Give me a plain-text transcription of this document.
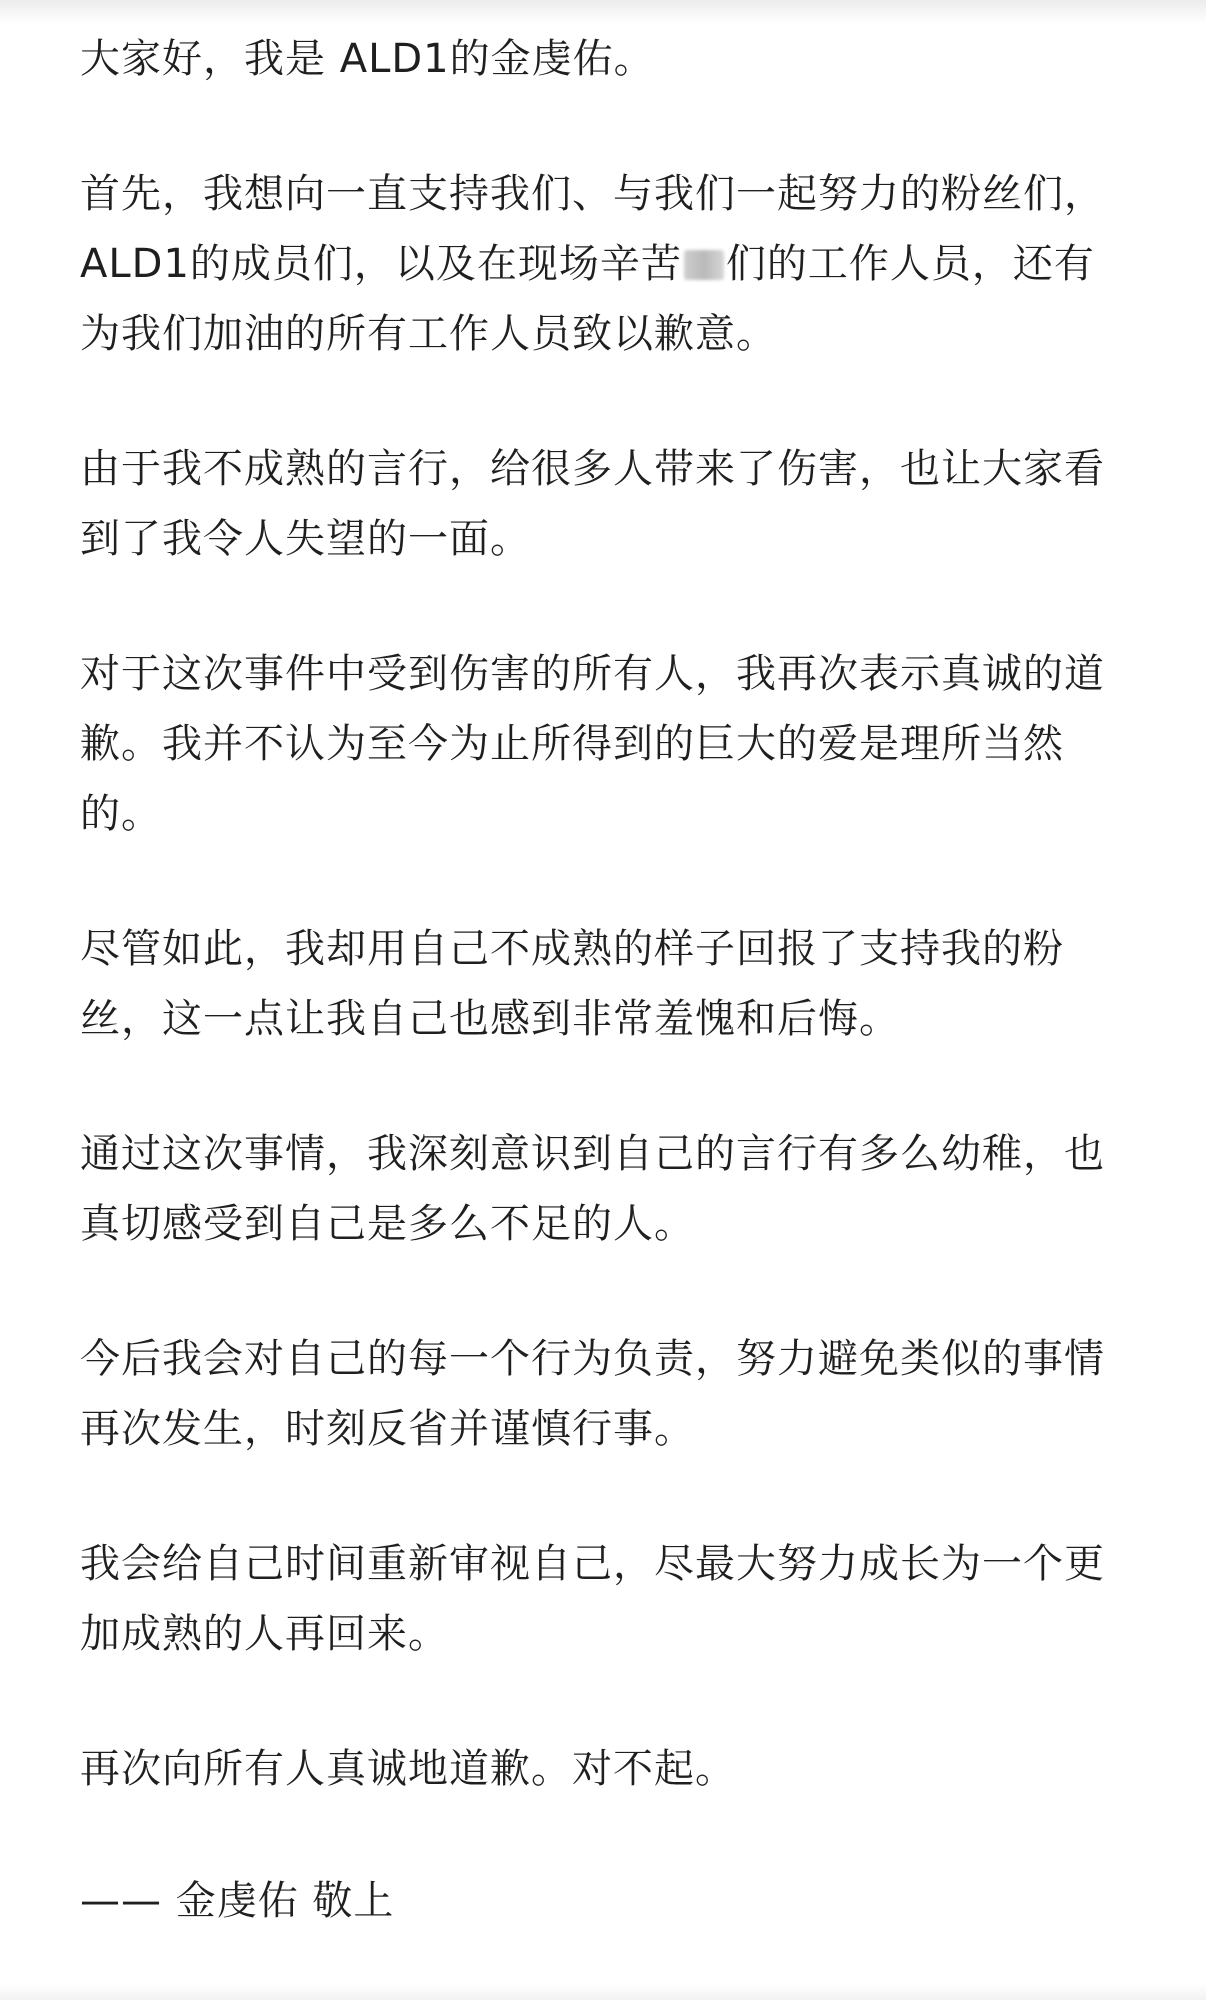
大家好，我是 ALD1的金虔佑。

首先，我想向一直支持我们、与我们一起努力的粉丝们，
ALD1的成员们，以及在现场辛苦 们的工作人员，还有
为我们加油的所有工作人员致以歉意。

由于我不成熟的言行，给很多人带来了伤害，也让大家看
到了我令人失望的一面。

对于这次事件中受到伤害的所有人，我再次表示真诚的道
歉。我并不认为至今为止所得到的巨大的爱是理所当然
的。

尽管如此，我却用自己不成熟的样子回报了支持我的粉
丝，这一点让我自己也感到非常羞愧和后悔。

通过这次事情，我深刻意识到自己的言行有多么幼稚，也
真切感受到自己是多么不足的人。

今后我会对自己的每一个行为负责，努力避免类似的事情
再次发生，时刻反省并谨慎行事。

我会给自己时间重新审视自己，尽最大努力成长为一个更
加成熟的人再回来。

再次向所有人真诚地道歉。对不起。

—— 金虔佑 敬上
